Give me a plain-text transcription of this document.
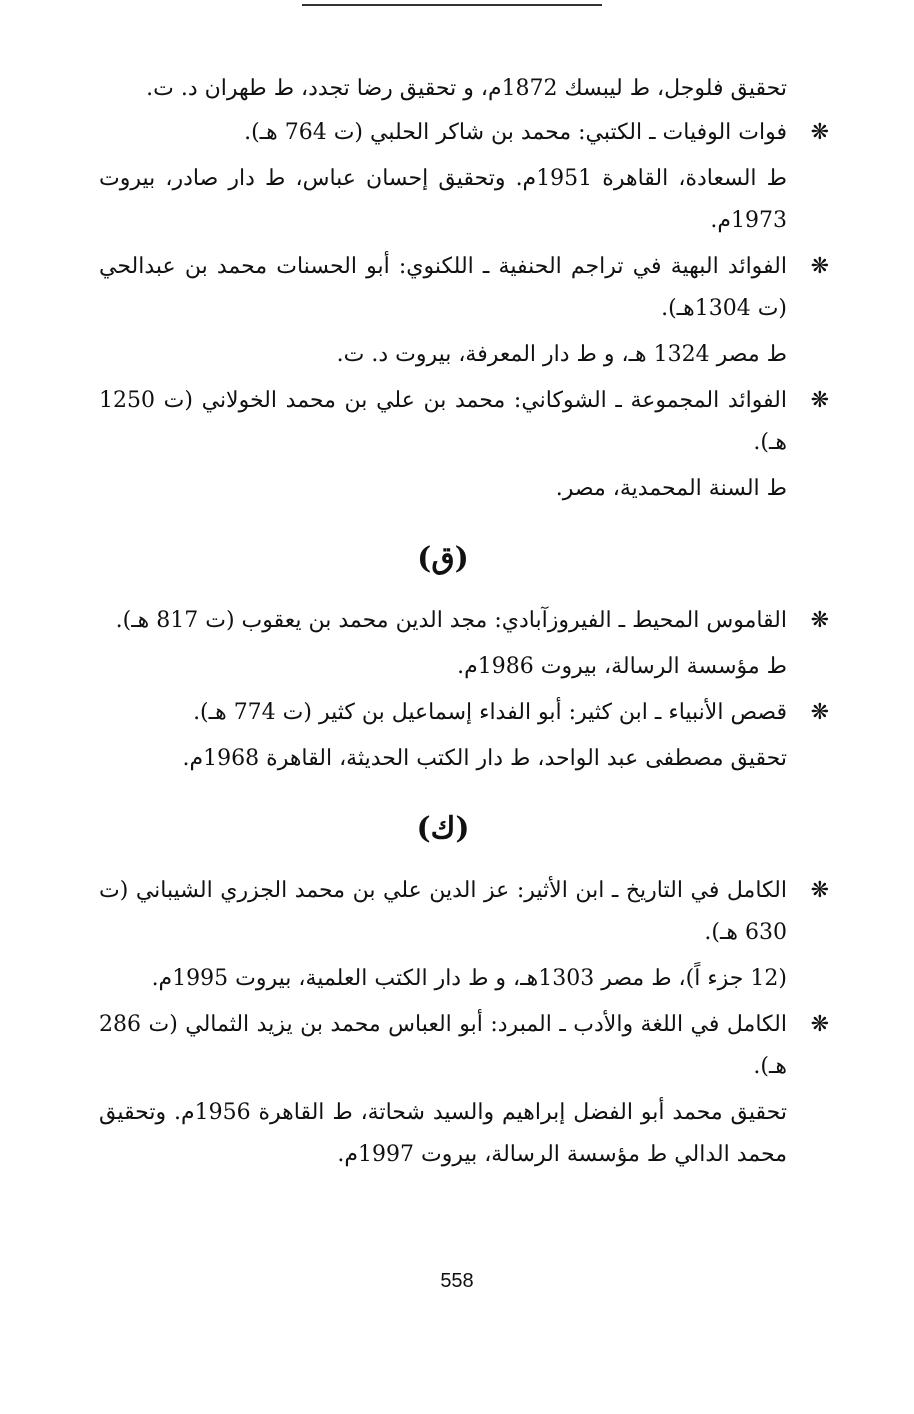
تحقيق فلوجل، ط ليبسك 1872م، و تحقيق رضا تجدد، ط طهران د. ت.
❋
فوات الوفيات ـ الكتبي: محمد بن شاكر الحلبي (ت 764 هـ).
ط السعادة، القاهرة 1951م. وتحقيق إحسان عباس، ط دار صادر، بيروت 1973م.
❋
الفوائد البهية في تراجم الحنفية ـ اللكنوي: أبو الحسنات محمد بن عبدالحي (ت 1304هـ).
ط مصر 1324 هـ، و ط دار المعرفة، بيروت د. ت.
❋
الفوائد المجموعة ـ الشوكاني: محمد بن علي بن محمد الخولاني (ت 1250 هـ).
ط السنة المحمدية، مصر.
(ق)
❋
القاموس المحيط ـ الفيروزآبادي: مجد الدين محمد بن يعقوب (ت 817 هـ).
ط مؤسسة الرسالة، بيروت 1986م.
❋
قصص الأنبياء ـ ابن كثير: أبو الفداء إسماعيل بن كثير (ت 774 هـ).
تحقيق مصطفى عبد الواحد، ط دار الكتب الحديثة، القاهرة 1968م.
(ك)
❋
الكامل في التاريخ ـ ابن الأثير: عز الدين علي بن محمد الجزري الشيباني (ت 630 هـ).
(12 جزء اً)، ط مصر 1303هـ، و ط دار الكتب العلمية، بيروت 1995م.
❋
الكامل في اللغة والأدب ـ المبرد: أبو العباس محمد بن يزيد الثمالي (ت 286 هـ).
تحقيق محمد أبو الفضل إبراهيم والسيد شحاتة، ط القاهرة 1956م. وتحقيق محمد الدالي ط مؤسسة الرسالة، بيروت 1997م.
558
